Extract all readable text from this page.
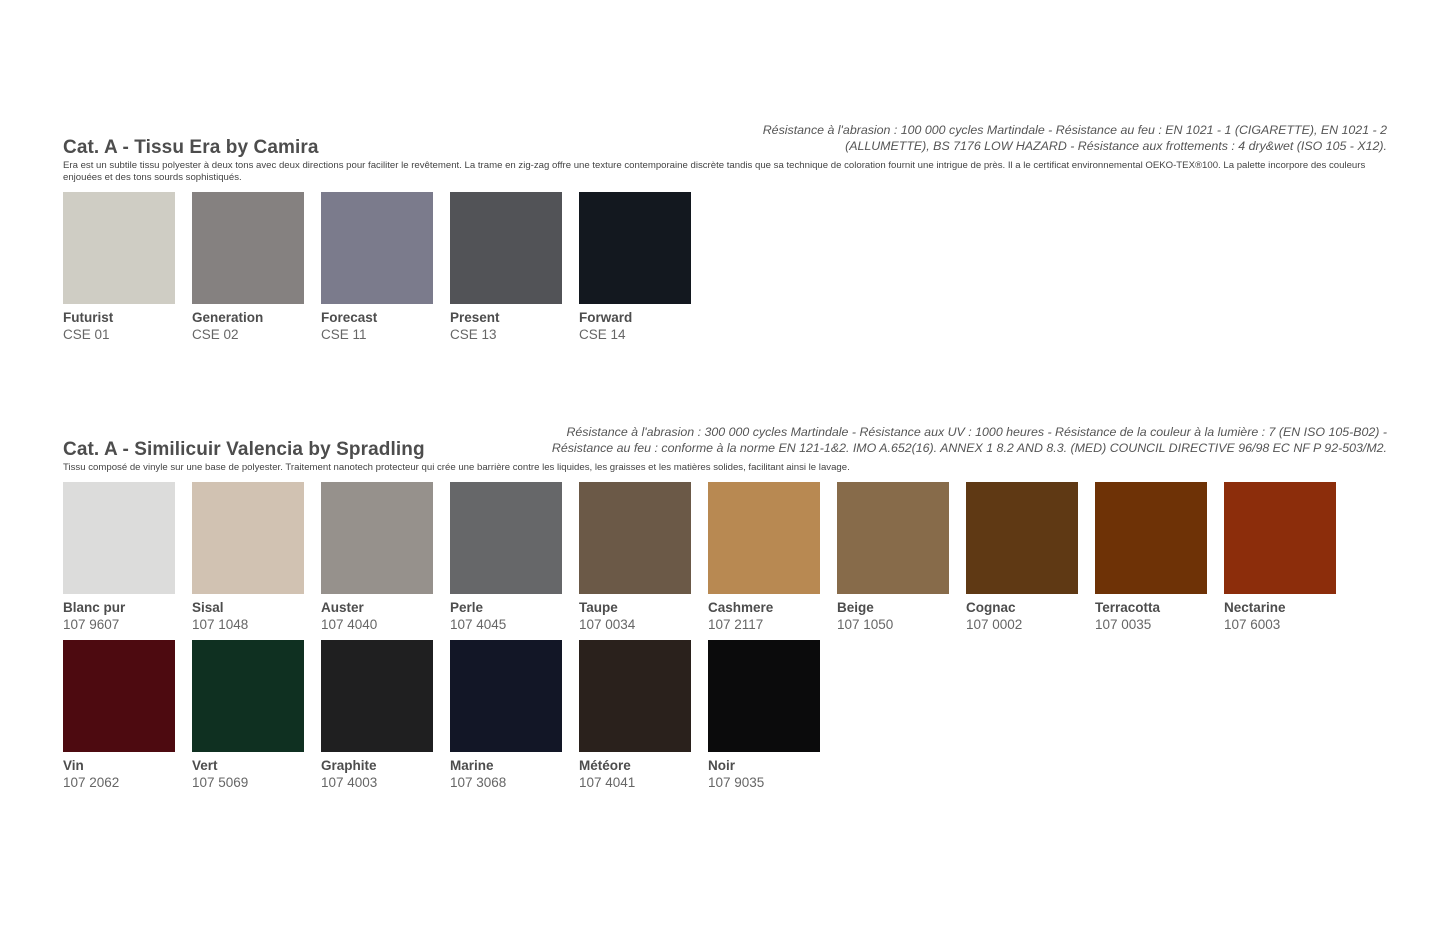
Cat. A - Tissu Era by Camira
Résistance à l'abrasion : 100 000 cycles Martindale - Résistance au feu : EN 1021 - 1 (CIGARETTE), EN 1021 - 2
(ALLUMETTE), BS 7176 LOW HAZARD - Résistance aux frottements : 4 dry&wet (ISO 105 - X12).
Era est un subtile tissu polyester à deux tons avec deux directions pour faciliter le revêtement. La trame en zig-zag offre une texture contemporaine discrète tandis que sa technique de coloration fournit une intrigue de près. Il a le certificat environnemental OEKO-TEX®100. La palette incorpore des couleurs enjouées et des tons sourds sophistiqués.
Futurist
CSE 01
Generation
CSE 02
Forecast
CSE 11
Present
CSE 13
Forward
CSE 14
Cat. A - Similicuir Valencia by Spradling
Résistance à l'abrasion : 300 000 cycles Martindale - Résistance aux UV : 1000 heures - Résistance de la couleur à la lumière : 7 (EN ISO 105-B02) -
Résistance au feu : conforme à la norme EN 121-1&2. IMO A.652(16). ANNEX 1 8.2 AND 8.3. (MED) COUNCIL DIRECTIVE 96/98 EC NF P 92-503/M2.
Tissu composé de vinyle sur une base de polyester. Traitement nanotech protecteur qui crée une barrière contre les liquides, les graisses et les matières solides, facilitant ainsi le lavage.
Blanc pur
107 9607
Sisal
107 1048
Auster
107 4040
Perle
107 4045
Taupe
107 0034
Cashmere
107 2117
Beige
107 1050
Cognac
107 0002
Terracotta
107 0035
Nectarine
107 6003
Vin
107 2062
Vert
107 5069
Graphite
107 4003
Marine
107 3068
Météore
107 4041
Noir
107 9035
